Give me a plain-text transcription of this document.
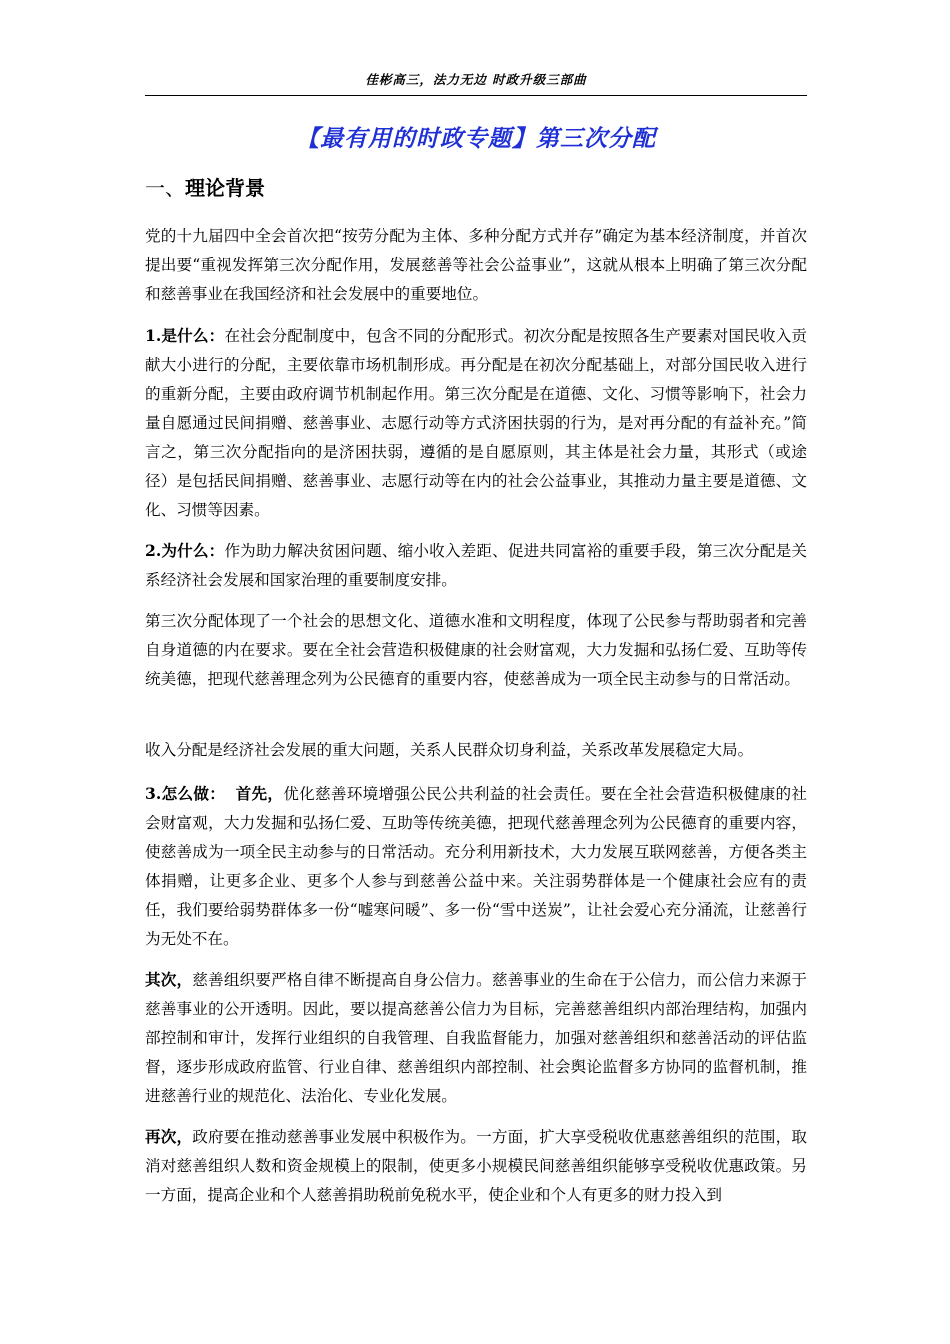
佳彬高三，法力无边 时政升级三部曲
【最有用的时政专题】第三次分配
一、理论背景

党的十九届四中全会首次把“按劳分配为主体、多种分配方式并存”确定为基本经济制度，并首次提出要“重视发挥第三次分配作用，发展慈善等社会公益事业”，这就从根本上明确了第三次分配和慈善事业在我国经济和社会发展中的重要地位。

1.是什么：在社会分配制度中，包含不同的分配形式。初次分配是按照各生产要素对国民收入贡献大小进行的分配，主要依靠市场机制形成。再分配是在初次分配基础上，对部分国民收入进行的重新分配，主要由政府调节机制起作用。第三次分配是在道德、文化、习惯等影响下，社会力量自愿通过民间捐赠、慈善事业、志愿行动等方式济困扶弱的行为，是对再分配的有益补充。”简言之，第三次分配指向的是济困扶弱，遵循的是自愿原则，其主体是社会力量，其形式（或途径）是包括民间捐赠、慈善事业、志愿行动等在内的社会公益事业，其推动力量主要是道德、文化、习惯等因素。

2.为什么：作为助力解决贫困问题、缩小收入差距、促进共同富裕的重要手段，第三次分配是关系经济社会发展和国家治理的重要制度安排。

第三次分配体现了一个社会的思想文化、道德水准和文明程度，体现了公民参与帮助弱者和完善自身道德的内在要求。要在全社会营造积极健康的社会财富观，大力发掘和弘扬仁爱、互助等传统美德，把现代慈善理念列为公民德育的重要内容，使慈善成为一项全民主动参与的日常活动。

收入分配是经济社会发展的重大问题，关系人民群众切身利益，关系改革发展稳定大局。

3.怎么做： 首先，优化慈善环境增强公民公共利益的社会责任。要在全社会营造积极健康的社会财富观，大力发掘和弘扬仁爱、互助等传统美德，把现代慈善理念列为公民德育的重要内容，使慈善成为一项全民主动参与的日常活动。充分利用新技术，大力发展互联网慈善，方便各类主体捐赠，让更多企业、更多个人参与到慈善公益中来。关注弱势群体是一个健康社会应有的责任，我们要给弱势群体多一份“嘘寒问暖”、多一份“雪中送炭”，让社会爱心充分涌流，让慈善行为无处不在。

其次，慈善组织要严格自律不断提高自身公信力。慈善事业的生命在于公信力，而公信力来源于慈善事业的公开透明。因此，要以提高慈善公信力为目标，完善慈善组织内部治理结构，加强内部控制和审计，发挥行业组织的自我管理、自我监督能力，加强对慈善组织和慈善活动的评估监督，逐步形成政府监管、行业自律、慈善组织内部控制、社会舆论监督多方协同的监督机制，推进慈善行业的规范化、法治化、专业化发展。

再次，政府要在推动慈善事业发展中积极作为。一方面，扩大享受税收优惠慈善组织的范围，取消对慈善组织人数和资金规模上的限制，使更多小规模民间慈善组织能够享受税收优惠政策。另一方面，提高企业和个人慈善捐助税前免税水平，使企业和个人有更多的财力投入到
